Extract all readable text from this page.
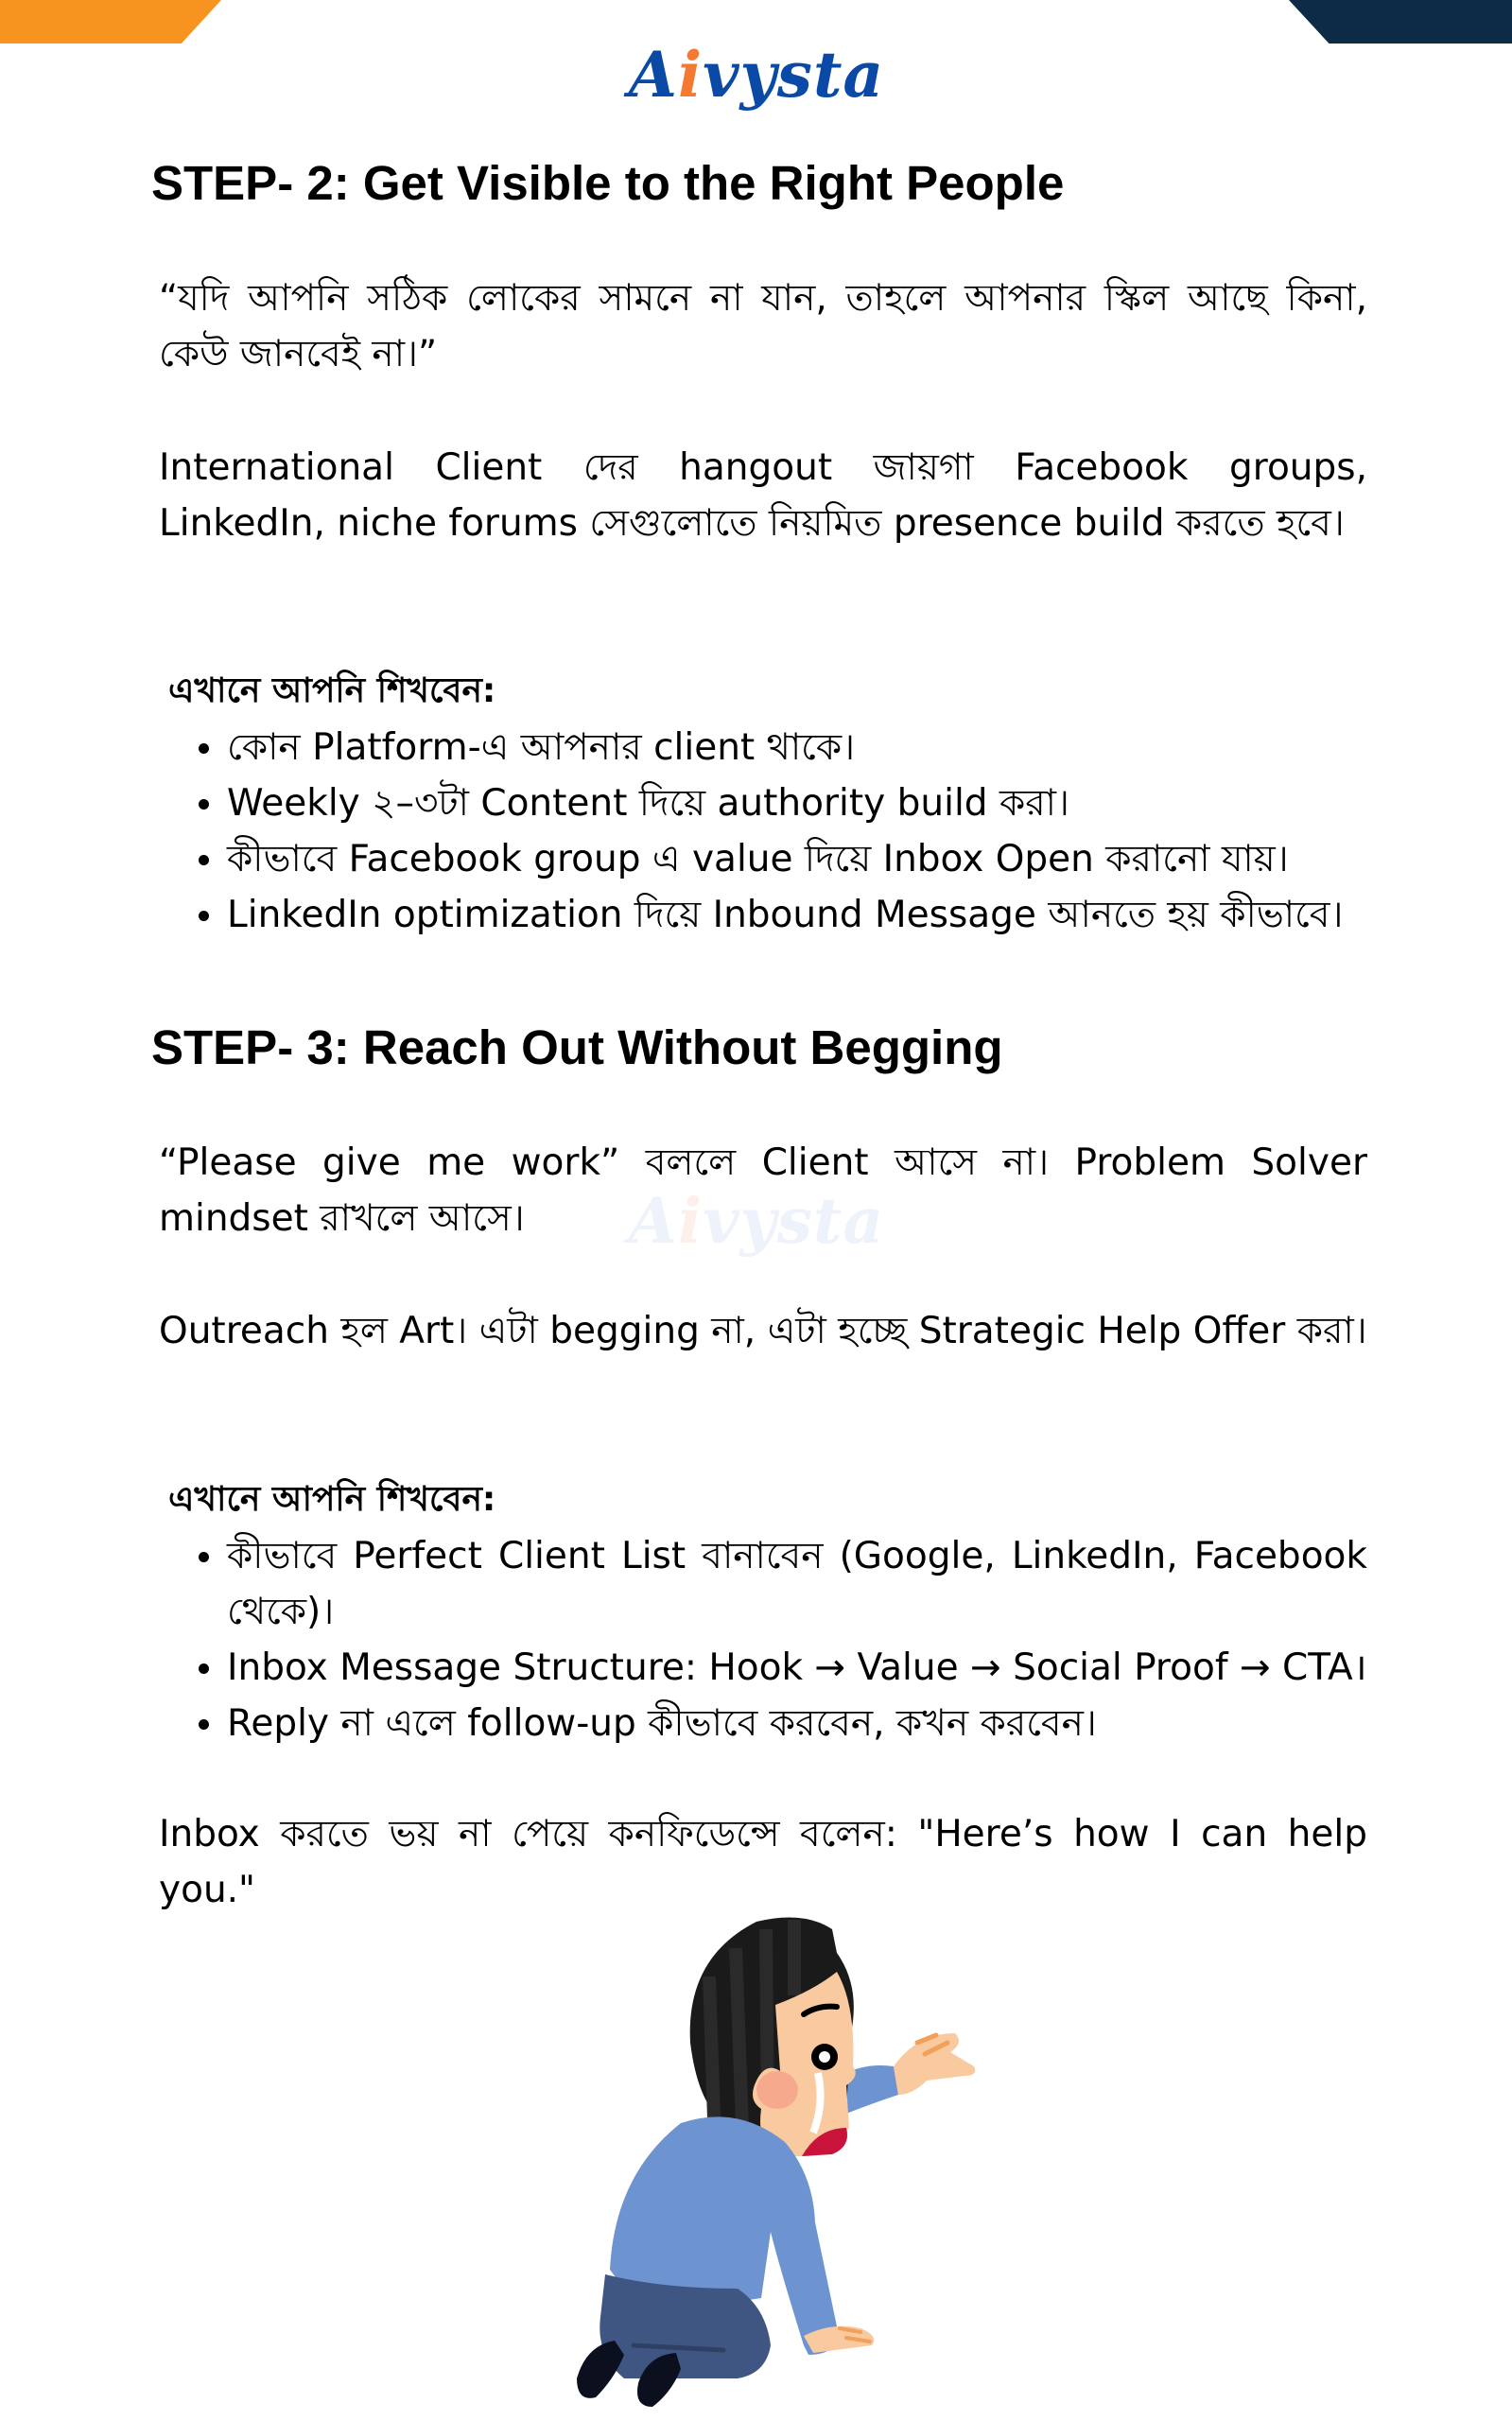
Aivysta
Aivysta
STEP- 2: Get Visible to the Right People
“যদি আপনি সঠিক লোকের সামনে না যান, তাহলে আপনার স্কিল আছে কিনা, কেউ জানবেই না।”
International Client দের hangout জায়গা Facebook groups, LinkedIn, niche forums সেগুলোতে নিয়মিত presence build করতে হবে।
এখানে আপনি শিখবেন:
কোন Platform-এ আপনার client থাকে।
Weekly ২–৩টা Content দিয়ে authority build করা।
কীভাবে Facebook group এ value দিয়ে Inbox Open করানো যায়।
LinkedIn optimization দিয়ে Inbound Message আনতে হয় কীভাবে।
STEP- 3: Reach Out Without Begging
“Please give me work” বললে Client আসে না। Problem Solver mindset রাখলে আসে।
Outreach হল Art। এটা begging না, এটা হচ্ছে Strategic Help Offer করা।
এখানে আপনি শিখবেন:
কীভাবে Perfect Client List বানাবেন (Google, LinkedIn, Facebook থেকে)।
Inbox Message Structure: Hook → Value → Social Proof → CTA।
Reply না এলে follow-up কীভাবে করবেন, কখন করবেন।
Inbox করতে ভয় না পেয়ে কনফিডেন্সে বলেন: "Here’s how I can help you."
